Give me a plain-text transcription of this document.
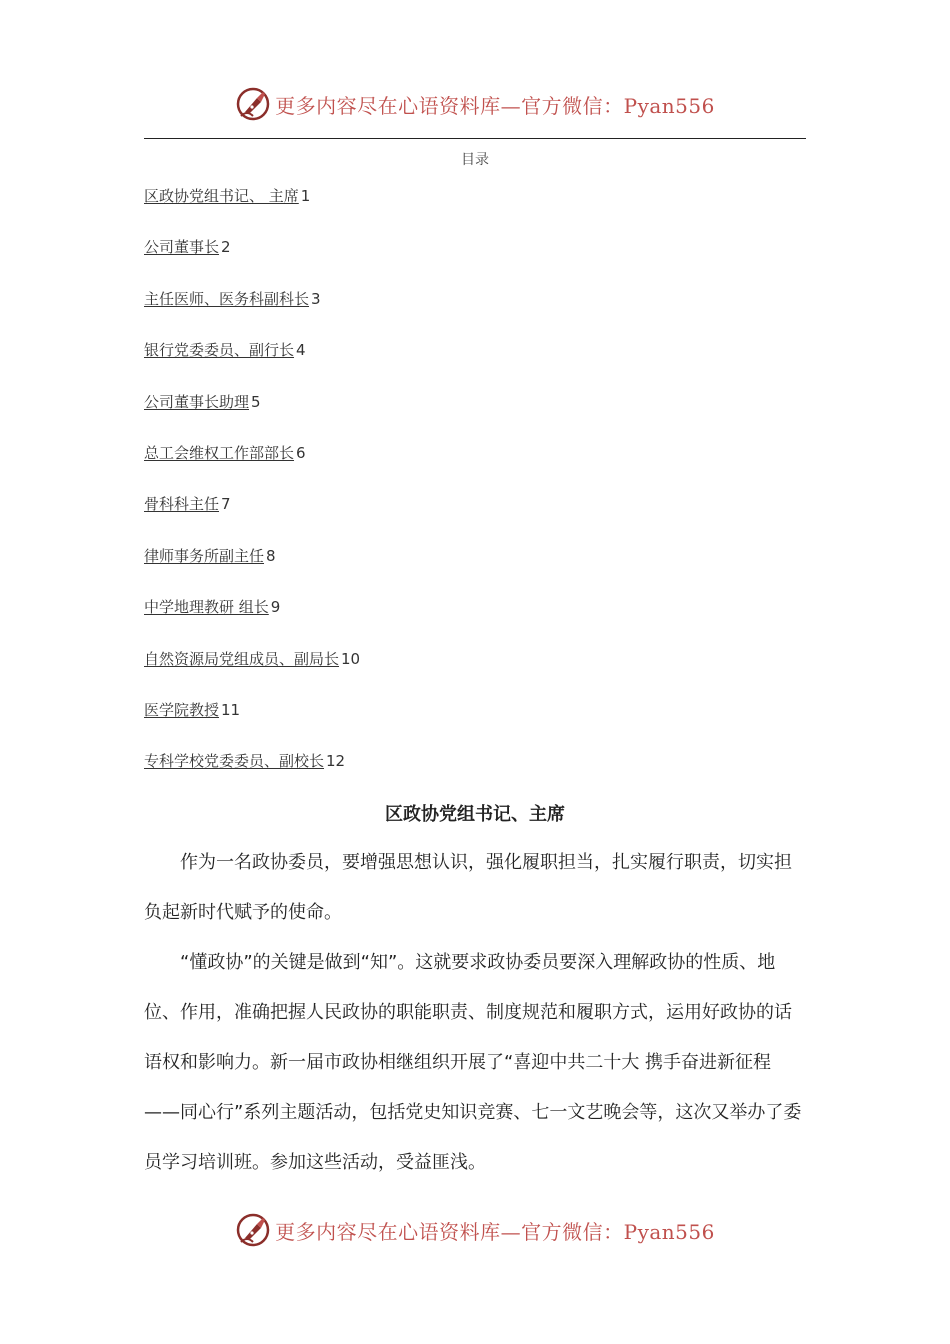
更多内容尽在心语资料库—官方微信：Pyan556
目录
区政协党组书记、 主席 1
公司董事长 2
主任医师、医务科副科长 3
银行党委委员、副行长 4
公司董事长助理 5
总工会维权工作部部长 6
骨科科主任 7
律师事务所副主任 8
中学地理教研 组长 9
自然资源局党组成员、副局长 10
医学院教授 11
专科学校党委委员、副校长 12
区政协党组书记、主席

作为一名政协委员，要增强思想认识，强化履职担当，扎实履行职责，切实担负起新时代赋予的使命。

“懂政协”的关键是做到“知”。这就要求政协委员要深入理解政协的性质、地位、作用，准确把握人民政协的职能职责、制度规范和履职方式，运用好政协的话语权和影响力。新一届市政协相继组织开展了“喜迎中共二十大 携手奋进新征程——同心行”系列主题活动，包括党史知识竞赛、七一文艺晚会等，这次又举办了委员学习培训班。参加这些活动，受益匪浅。

更多内容尽在心语资料库—官方微信：Pyan556
